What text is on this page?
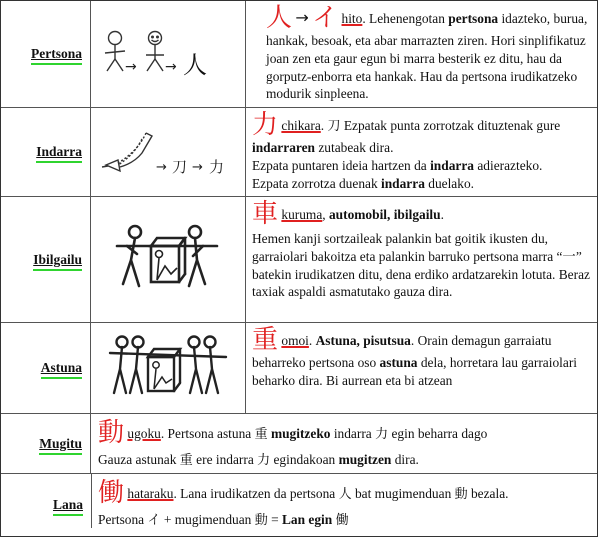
Pertsona
→ → 人
人 → イ hito. Lehenengotan pertsona idazteko, burua, hankak, besoak, eta abar marrazten ziren. Hori sinplifikatuz joan zen eta gaur egun bi marra besterik ez ditu, hau da gorputz-enborra eta hankak. Hau da pertsona irudikatzeko modurik sinpleena.
Indarra
→ 刀 → 力
力 chikara. 刀 Ezpatak punta zorrotzak dituztenak gure indarraren zutabeak dira.
Ezpata puntaren ideia hartzen da indarra adierazteko.
Ezpata zorrotza duenak indarra duelako.
Ibilgailu
車 kuruma, automobil, ibilgailu.
Hemen kanji sortzaileak palankin bat goitik ikusten du, garraiolari bakoitza eta palankin barruko pertsona marra “一” batekin irudikatzen ditu, dena erdiko ardatzarekin lotuta. Beraz taxiak aspaldi asmatutako gauza dira.
Astuna
重 omoi. Astuna, pisutsua. Orain demagun garraiatu beharreko pertsona oso astuna dela, horretara lau garraiolari beharko dira. Bi aurrean eta bi atzean
Mugitu 動 ugoku. Pertsona astuna 重 mugitzeko indarra 力 egin beharra dago
Gauza astunak 重 ere indarra 力 egindakoan mugitzen dira.
Lana 働 hataraku. Lana irudikatzen da pertsona 人 bat mugimenduan 動 bezala.
Pertsona イ + mugimenduan 動 = Lan egin 働
